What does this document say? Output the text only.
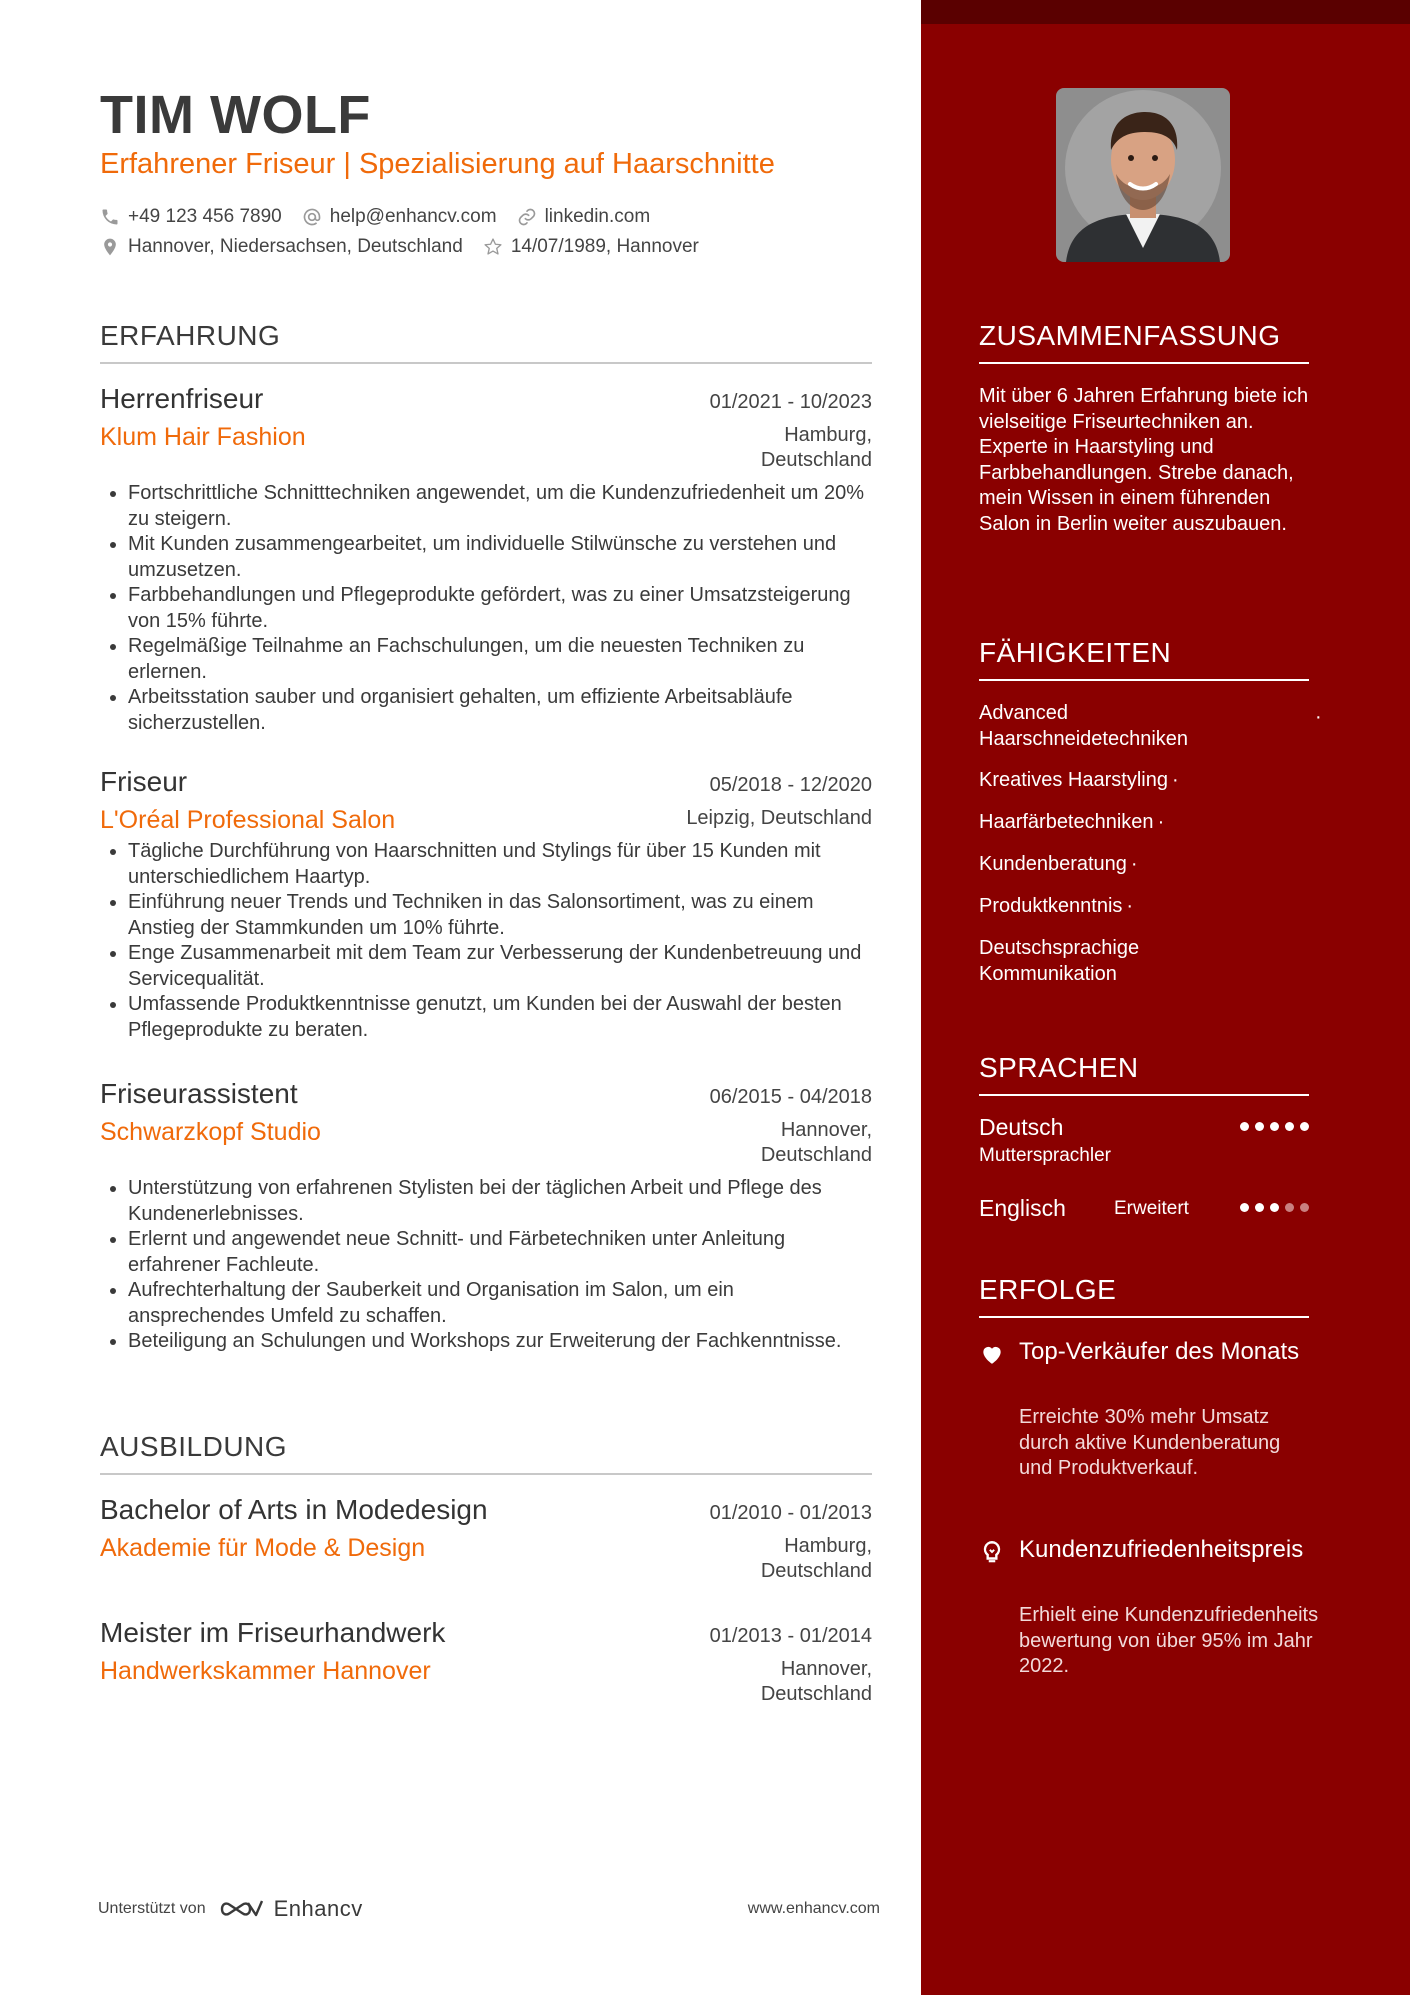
TIM WOLF
Erfahrener Friseur | Spezialisierung auf Haarschnitte
+49 123 456 7890	help@enhancv.com	linkedin.com
Hannover, Niedersachsen, Deutschland	14/07/1989, Hannover
ERFAHRUNG
Herrenfriseur	01/2021 - 10/2023
Klum Hair Fashion	Hamburg,
Deutschland
• Fortschrittliche Schnitttechniken angewendet, um die Kundenzufriedenheit um 20% zu steigern.
• Mit Kunden zusammengearbeitet, um individuelle Stilwünsche zu verstehen und umzusetzen.
• Farbbehandlungen und Pflegeprodukte gefördert, was zu einer Umsatzsteigerung von 15% führte.
• Regelmäßige Teilnahme an Fachschulungen, um die neuesten Techniken zu erlernen.
• Arbeitsstation sauber und organisiert gehalten, um effiziente Arbeitsabläufe sicherzustellen.
Friseur	05/2018 - 12/2020
L'Oréal Professional Salon	Leipzig, Deutschland
• Tägliche Durchführung von Haarschnitten und Stylings für über 15 Kunden mit unterschiedlichem Haartyp.
• Einführung neuer Trends und Techniken in das Salonsortiment, was zu einem Anstieg der Stammkunden um 10% führte.
• Enge Zusammenarbeit mit dem Team zur Verbesserung der Kundenbetreuung und Servicequalität.
• Umfassende Produktkenntnisse genutzt, um Kunden bei der Auswahl der besten Pflegeprodukte zu beraten.
Friseurassistent	06/2015 - 04/2018
Schwarzkopf Studio	Hannover,
Deutschland
• Unterstützung von erfahrenen Stylisten bei der täglichen Arbeit und Pflege des Kundenerlebnisses.
• Erlernt und angewendet neue Schnitt- und Färbetechniken unter Anleitung erfahrener Fachleute.
• Aufrechterhaltung der Sauberkeit und Organisation im Salon, um ein ansprechendes Umfeld zu schaffen.
• Beteiligung an Schulungen und Workshops zur Erweiterung der Fachkenntnisse.
AUSBILDUNG
Bachelor of Arts in Modedesign	01/2010 - 01/2013
Akademie für Mode & Design	Hamburg,
Deutschland
Meister im Friseurhandwerk	01/2013 - 01/2014
Handwerkskammer Hannover	Hannover,
Deutschland
Unterstützt von	Enhancv	www.enhancv.com
ZUSAMMENFASSUNG
Mit über 6 Jahren Erfahrung biete ich vielseitige Friseurtechniken an. Experte in Haarstyling und Farbbehandlungen. Strebe danach, mein Wissen in einem führenden Salon in Berlin weiter auszubauen.
FÄHIGKEITEN
Advanced Haarschneidetechniken
·
Kreatives Haarstyling ·
Haarfärbetechniken ·
Kundenberatung ·
Produktkenntnis ·
Deutschsprachige Kommunikation
SPRACHEN
Deutsch
Muttersprachler
Englisch	Erweitert
ERFOLGE
Top-Verkäufer des Monats
Erreichte 30% mehr Umsatz durch aktive Kundenberatung und Produktverkauf.
Kundenzufriedenheitspreis
Erhielt eine Kundenzufriedenheitsbewertung von über 95% im Jahr 2022.
